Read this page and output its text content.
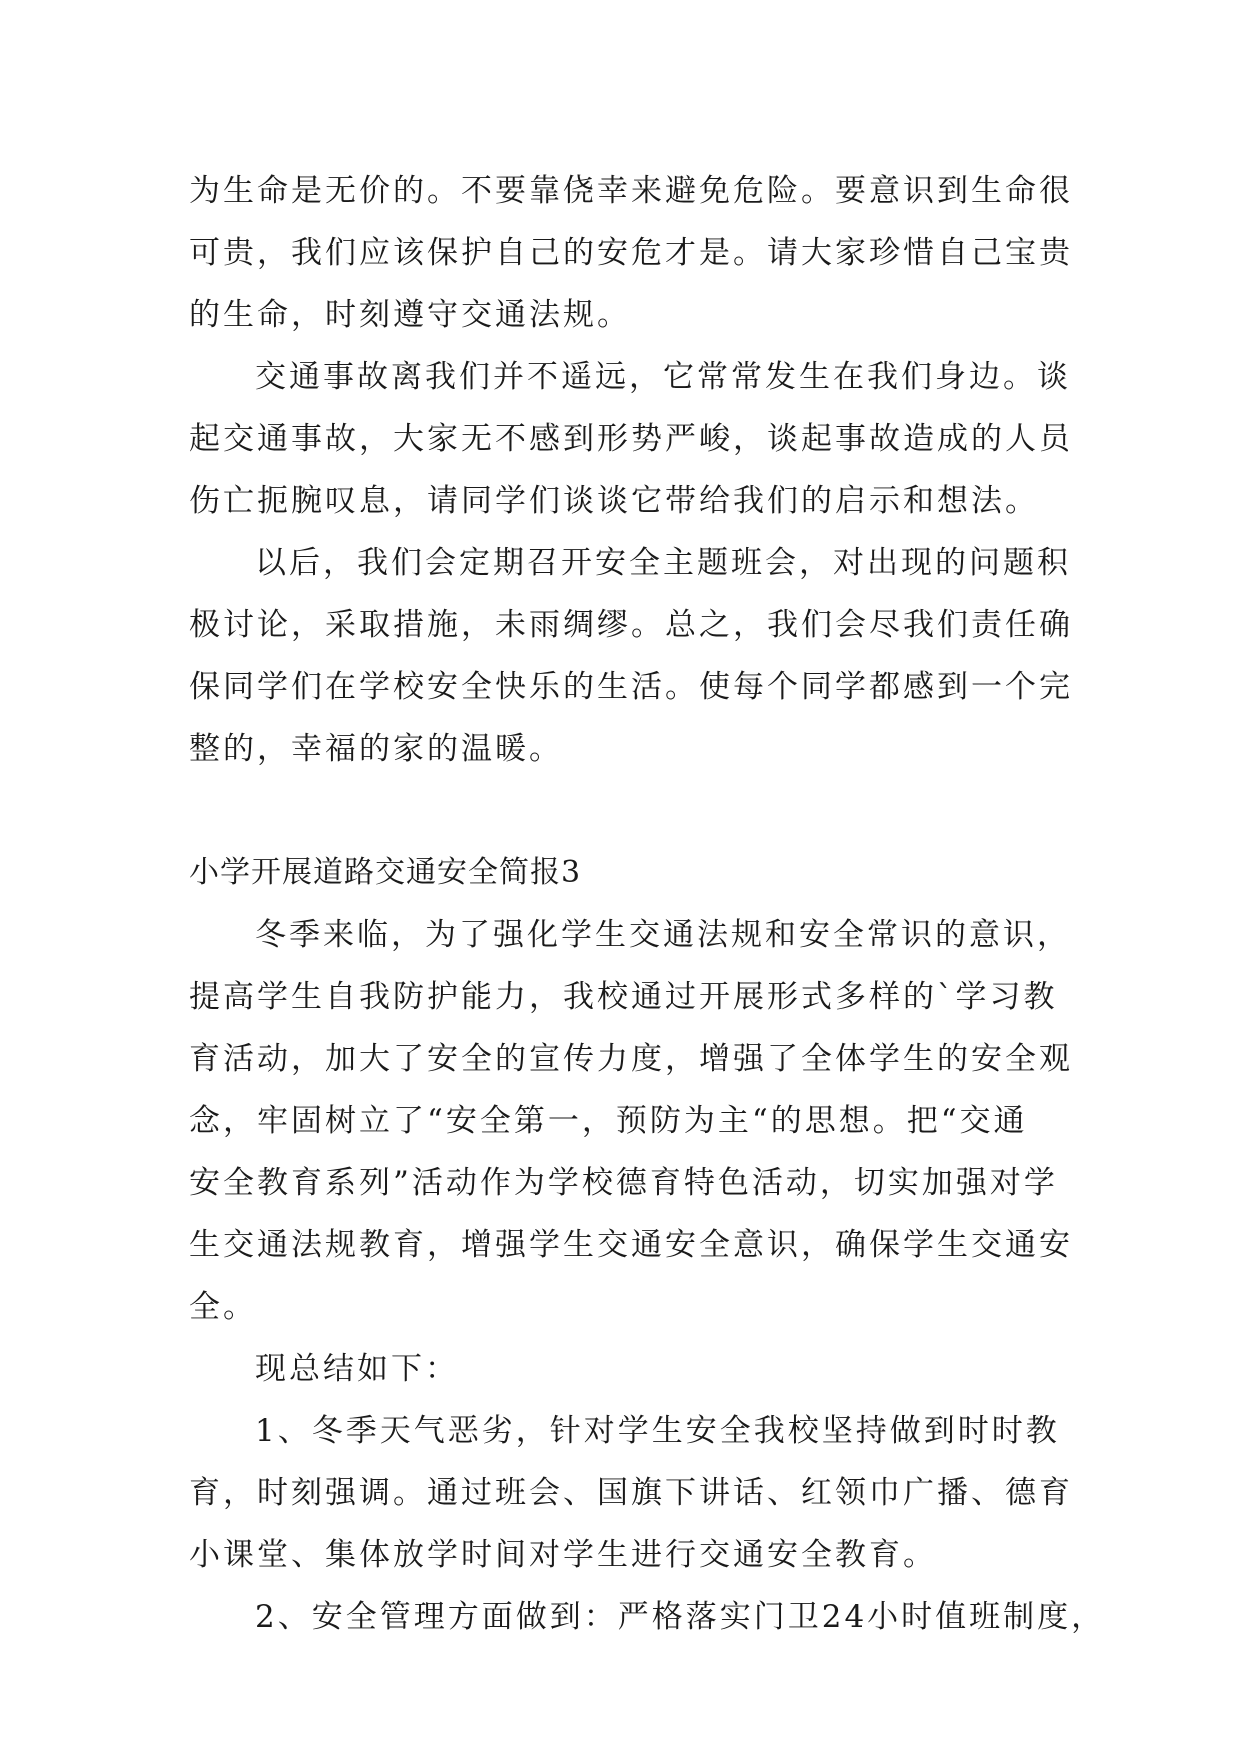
为生命是无价的。不要靠侥幸来避免危险。要意识到生命很

可贵，我们应该保护自己的安危才是。请大家珍惜自己宝贵

的生命，时刻遵守交通法规。

交通事故离我们并不遥远，它常常发生在我们身边。谈

起交通事故，大家无不感到形势严峻，谈起事故造成的人员

伤亡扼腕叹息，请同学们谈谈它带给我们的启示和想法。

以后，我们会定期召开安全主题班会，对出现的问题积

极讨论，采取措施，未雨绸缪。总之，我们会尽我们责任确

保同学们在学校安全快乐的生活。使每个同学都感到一个完

整的，幸福的家的温暖。

小学开展道路交通安全简报3

冬季来临，为了强化学生交通法规和安全常识的意识，

提高学生自我防护能力，我校通过开展形式多样的`学习教

育活动，加大了安全的宣传力度，增强了全体学生的安全观

念，牢固树立了“安全第一，预防为主“的思想。把“交通

安全教育系列”活动作为学校德育特色活动，切实加强对学

生交通法规教育，增强学生交通安全意识，确保学生交通安

全。

现总结如下：

1、冬季天气恶劣，针对学生安全我校坚持做到时时教

育，时刻强调。通过班会、国旗下讲话、红领巾广播、德育

小课堂、集体放学时间对学生进行交通安全教育。

2、安全管理方面做到：严格落实门卫24小时值班制度，
